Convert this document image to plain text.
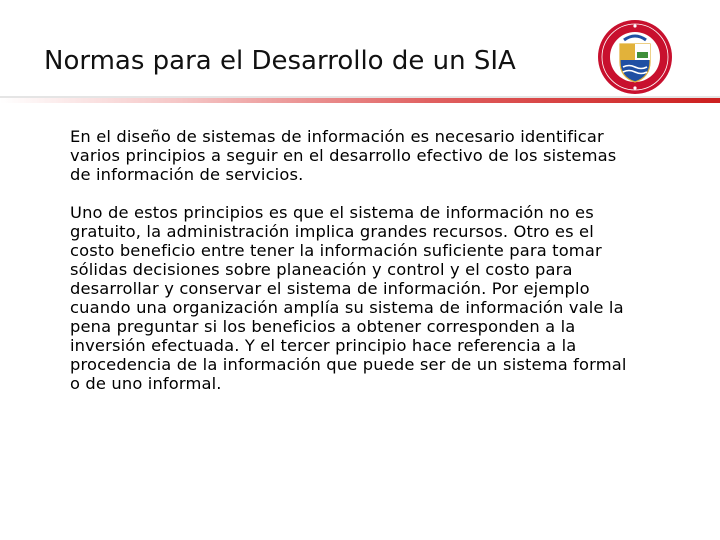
Normas para el Desarrollo de un SIA
En el diseño de sistemas de información es necesario identificar
varios principios a seguir en el desarrollo efectivo de los sistemas
de información de servicios.
Uno de estos principios es que el sistema de información no es
gratuito, la administración implica grandes recursos. Otro es el
costo beneficio entre tener la información suficiente para tomar
sólidas decisiones sobre planeación y control y el costo para
desarrollar y conservar el sistema de información. Por ejemplo
cuando una organización amplía su sistema de información vale la
pena preguntar si los beneficios a obtener corresponden a la
inversión efectuada. Y el tercer principio hace referencia a la
procedencia de la información que puede ser de un sistema formal
o de uno informal.
